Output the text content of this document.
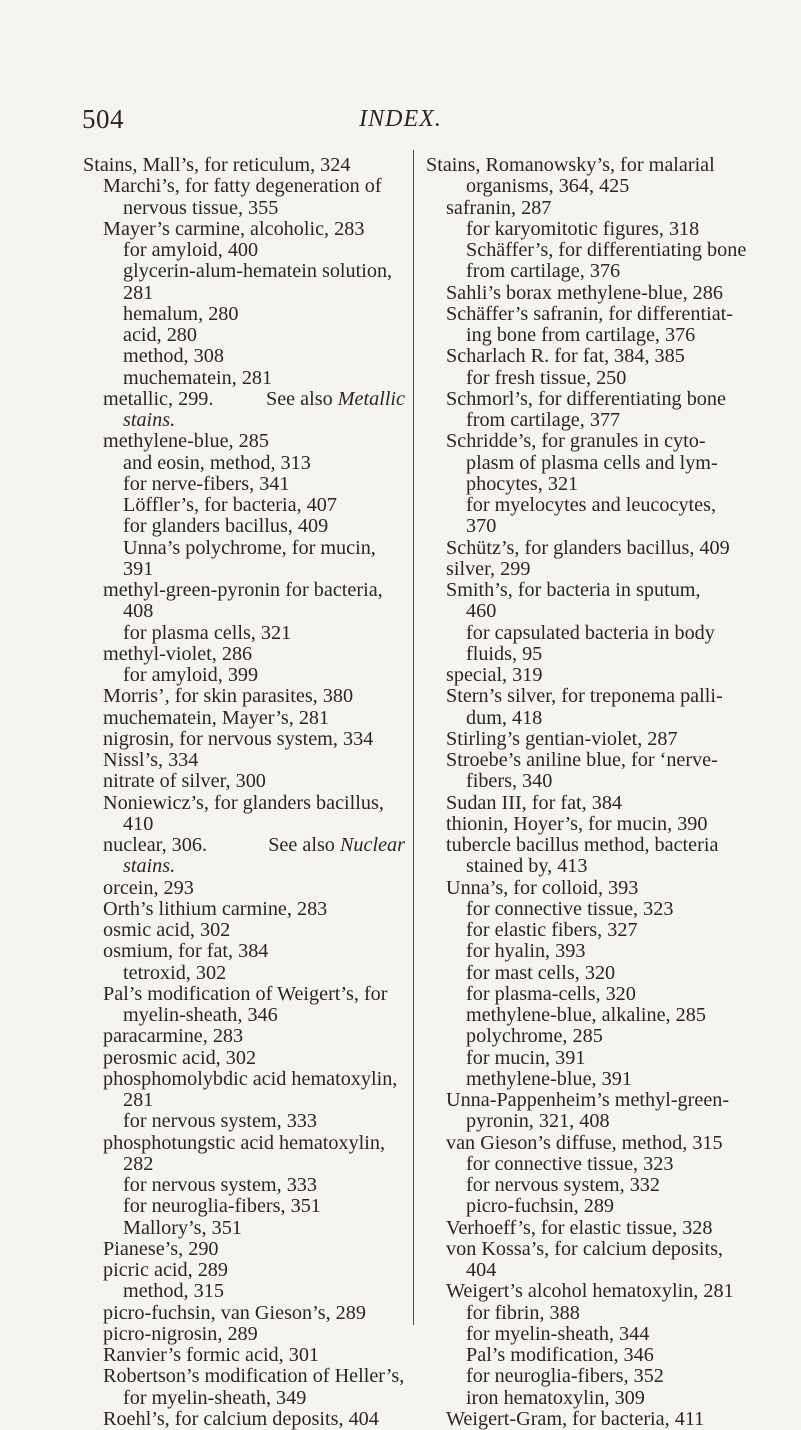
504	INDEX.
Stains, Mall’s, for reticulum, 324
Marchi’s, for fatty degeneration of
nervous tissue, 355
Mayer’s carmine, alcoholic, 283
for amyloid, 400
glycerin-alum-hematein solution,
281
hemalum, 280
acid, 280
method, 308
muchematein, 281
metallic, 299.	See also Metallic
stains.
methylene-blue, 285
and eosin, method, 313
for nerve-fibers, 341
Löffler’s, for bacteria, 407
for glanders bacillus, 409
Unna’s polychrome, for mucin,
391
methyl-green-pyronin for bacteria,
408
for plasma cells, 321
methyl-violet, 286
for amyloid, 399
Morris’, for skin parasites, 380
muchematein, Mayer’s, 281
nigrosin, for nervous system, 334
Nissl’s, 334
nitrate of silver, 300
Noniewicz’s, for glanders bacillus,
410
nuclear, 306.	See also Nuclear
stains.
orcein, 293
Orth’s lithium carmine, 283
osmic acid, 302
osmium, for fat, 384
tetroxid, 302
Pal’s modification of Weigert’s, for
myelin-sheath, 346
paracarmine, 283
perosmic acid, 302
phosphomolybdic acid hematoxylin,
281
for nervous system, 333
phosphotungstic acid hematoxylin,
282
for nervous system, 333
for neuroglia-fibers, 351
Mallory’s, 351
Pianese’s, 290
picric acid, 289
method, 315
picro-fuchsin, van Gieson’s, 289
picro-nigrosin, 289
Ranvier’s formic acid, 301
Robertson’s modification of Heller’s,
for myelin-sheath, 349
Roehl’s, for calcium deposits, 404
Stains, Romanowsky’s, for malarial
organisms, 364, 425
safranin, 287
for karyomitotic figures, 318
Schäffer’s, for differentiating bone
from cartilage, 376
Sahli’s borax methylene-blue, 286
Schäffer’s safranin, for differentiat-
ing bone from cartilage, 376
Scharlach R. for fat, 384, 385
for fresh tissue, 250
Schmorl’s, for differentiating bone
from cartilage, 377
Schridde’s, for granules in cyto-
plasm of plasma cells and lym-
phocytes, 321
for myelocytes and leucocytes,
370
Schütz’s, for glanders bacillus, 409
silver, 299
Smith’s, for bacteria in sputum,
460
for capsulated bacteria in body
fluids, 95
special, 319
Stern’s silver, for treponema palli-
dum, 418
Stirling’s gentian-violet, 287
Stroebe’s aniline blue, for ‘nerve-
fibers, 340
Sudan III, for fat, 384
thionin, Hoyer’s, for mucin, 390
tubercle bacillus method, bacteria
stained by, 413
Unna’s, for colloid, 393
for connective tissue, 323
for elastic fibers, 327
for hyalin, 393
for mast cells, 320
for plasma-cells, 320
methylene-blue, alkaline, 285
polychrome, 285
for mucin, 391
methylene-blue, 391
Unna-Pappenheim’s methyl-green-
pyronin, 321, 408
van Gieson’s diffuse, method, 315
for connective tissue, 323
for nervous system, 332
picro-fuchsin, 289
Verhoeff’s, for elastic tissue, 328
von Kossa’s, for calcium deposits,
404
Weigert’s alcohol hematoxylin, 281
for fibrin, 388
for myelin-sheath, 344
Pal’s modification, 346
for neuroglia-fibers, 352
iron hematoxylin, 309
Weigert-Gram, for bacteria, 411
